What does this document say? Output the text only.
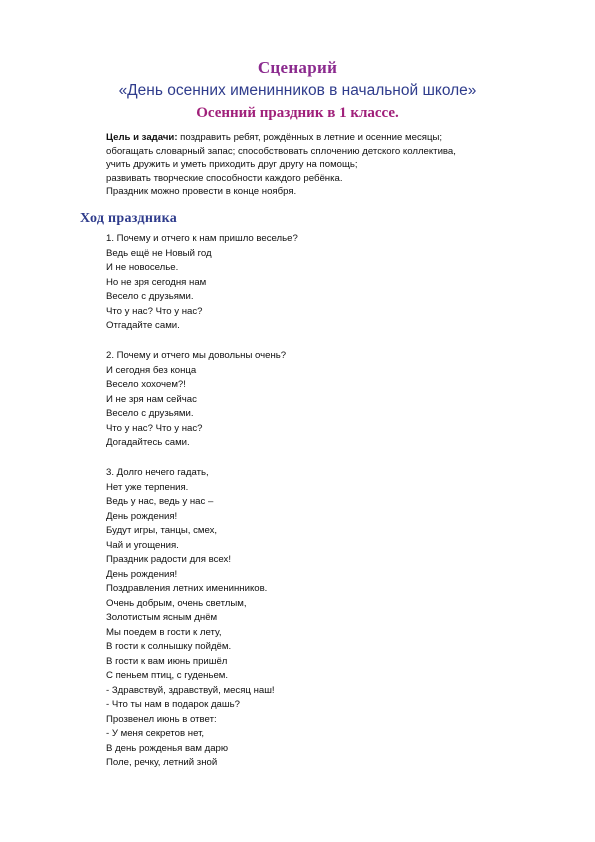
Сценарий
«День осенних именинников в начальной школе»
Осенний праздник в 1 классе.
Цель и задачи: поздравить ребят, рождённых в летние и осенние месяцы;
обогащать словарный запас; способствовать сплочению детского коллектива,
учить дружить и уметь приходить друг другу на помощь;
развивать творческие способности каждого ребёнка.
Праздник можно провести в конце ноября.
Ход праздника
1. Почему и отчего к нам пришло веселье?
Ведь ещё не Новый год
И не новоселье.
Но не зря сегодня нам
Весело с друзьями.
Что у нас? Что у нас?
Отгадайте сами.
2. Почему и отчего мы довольны очень?
И сегодня без конца
Весело хохочем?!
И не зря нам сейчас
Весело с друзьями.
Что у нас? Что у нас?
Догадайтесь сами.
3. Долго нечего гадать,
Нет уже терпения.
Ведь у нас, ведь у нас –
День рождения!
Будут игры, танцы, смех,
Чай и угощения.
Праздник радости для всех!
День рождения!
Поздравления летних именинников.
Очень добрым, очень светлым,
Золотистым ясным днём
Мы поедем в гости к лету,
В гости к солнышку пойдём.
В гости к вам июнь пришёл
С пеньем птиц, с гуденьем.
- Здравствуй, здравствуй, месяц наш!
- Что ты нам в подарок дашь?
Прозвенел июнь в ответ:
- У меня секретов нет,
В день рожденья вам дарю
Поле, речку, летний зной
